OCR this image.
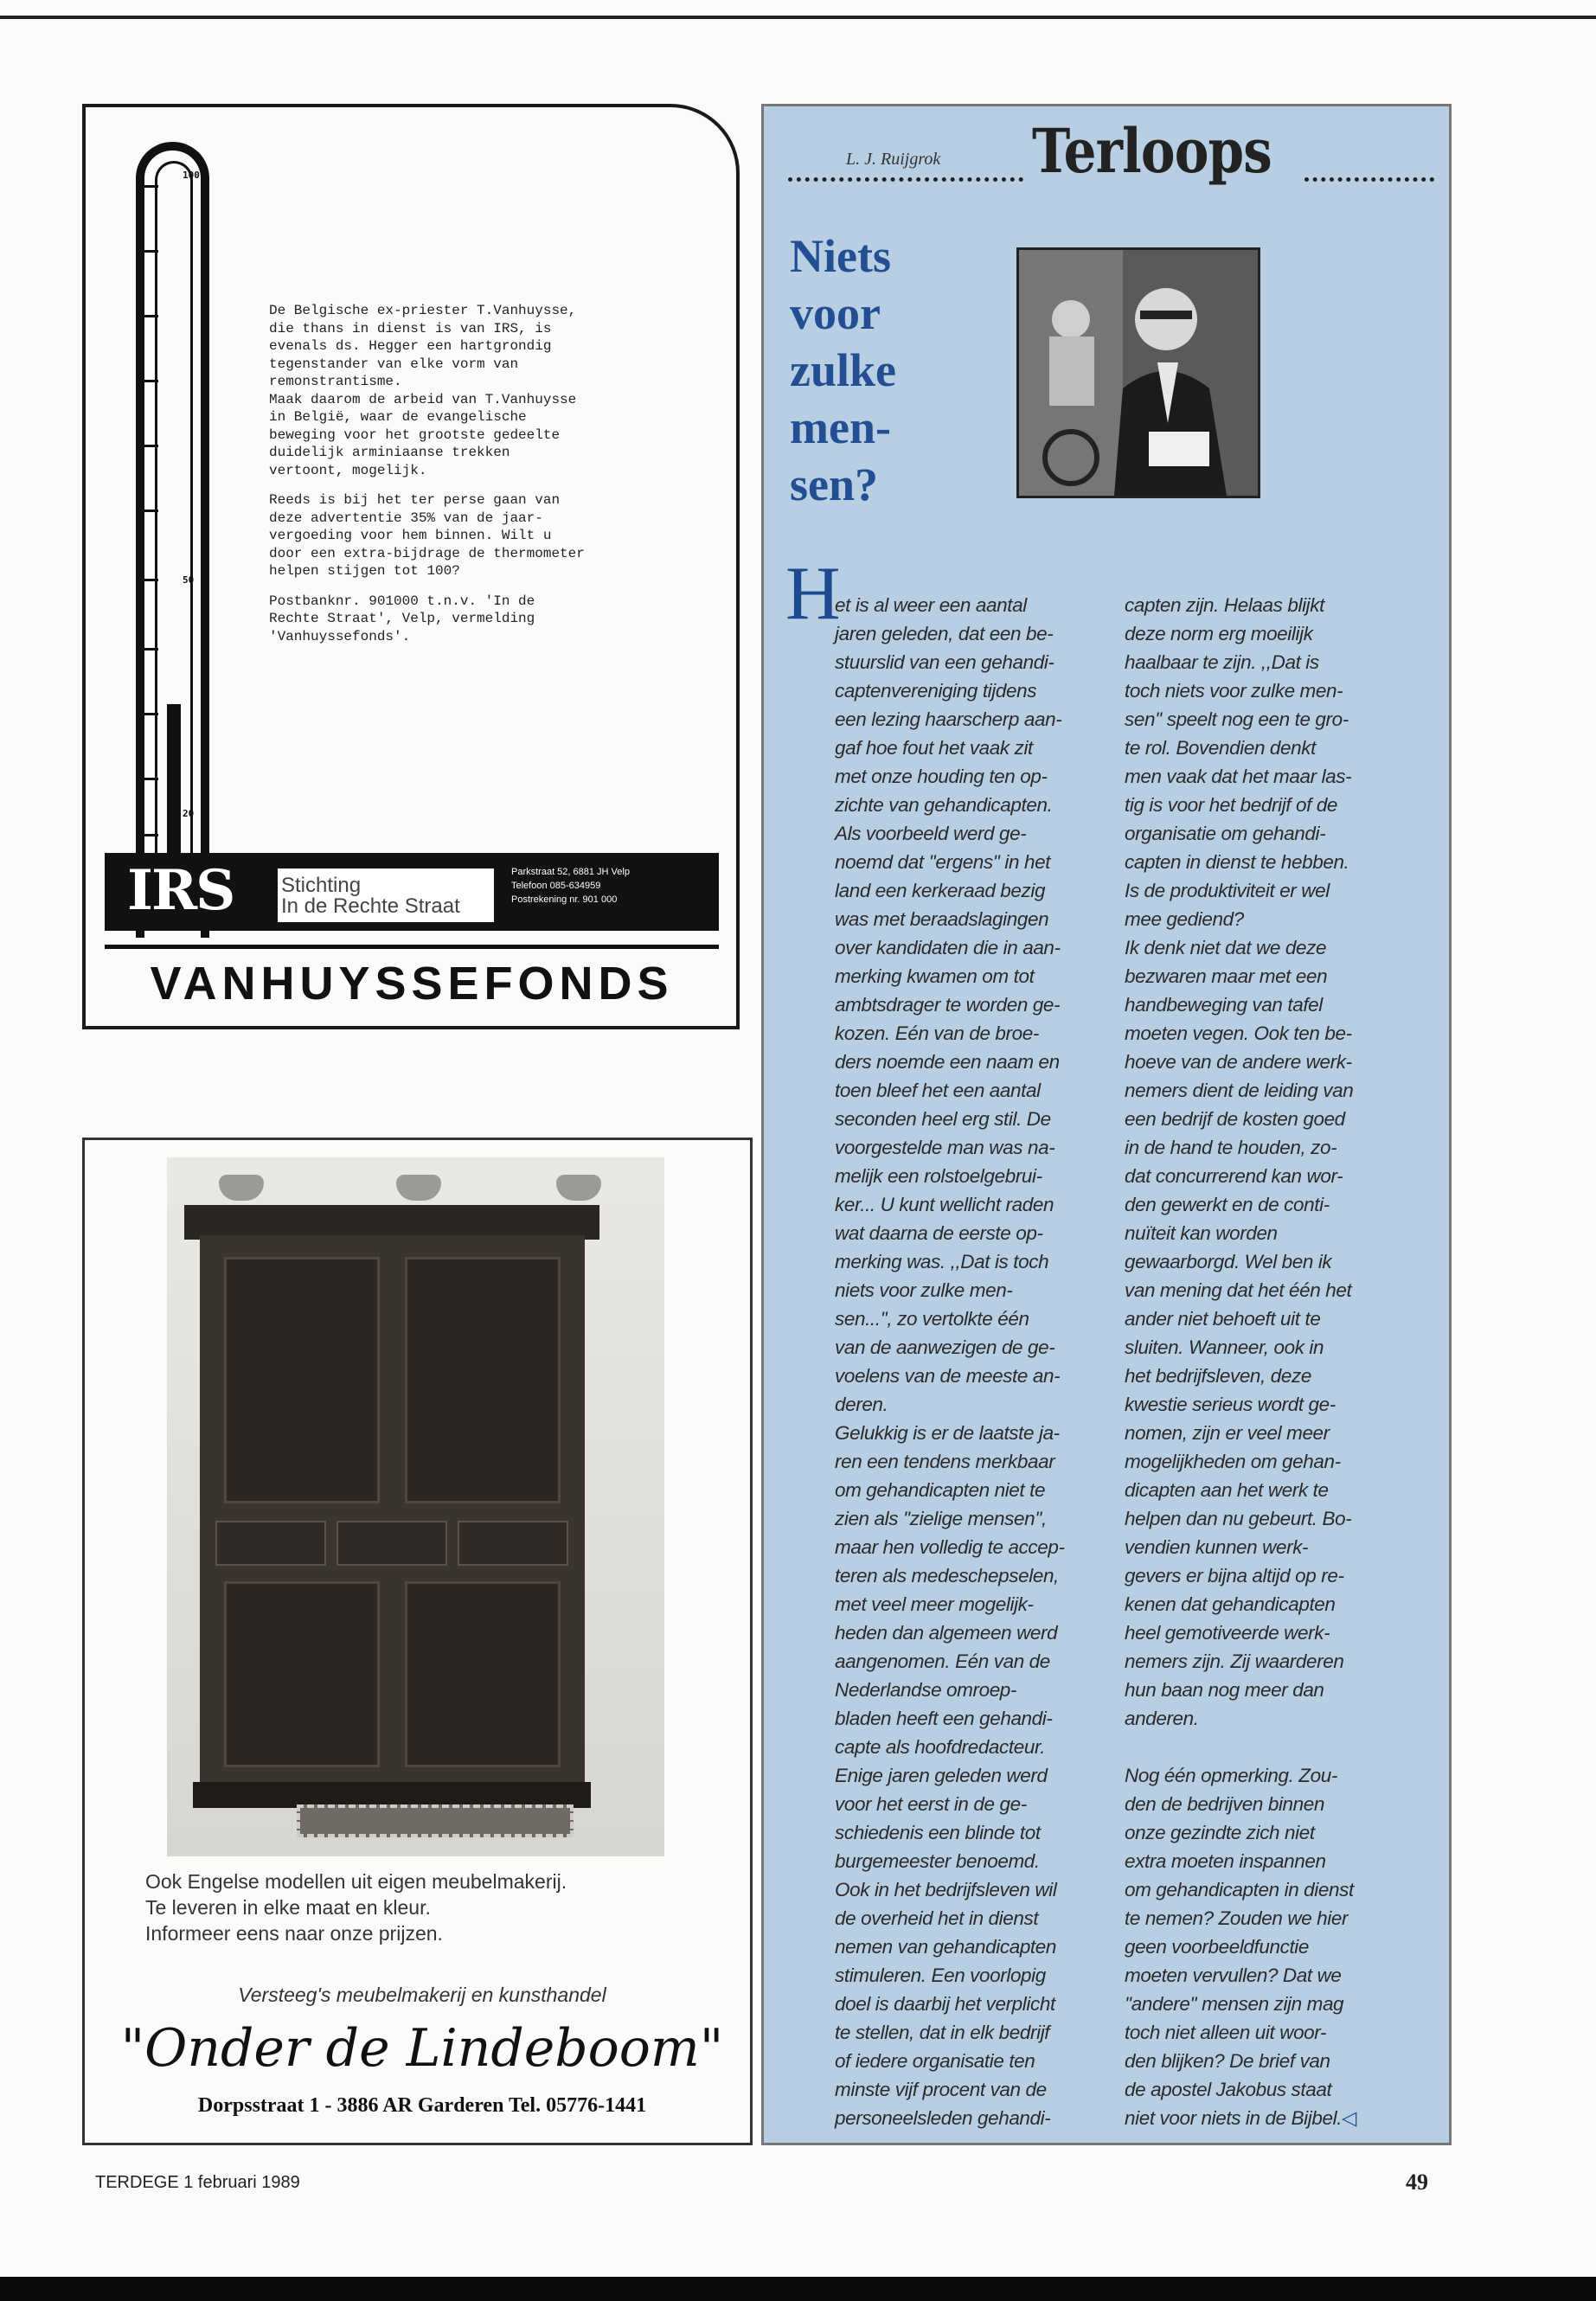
100
50
20

De Belgische ex-priester T.Vanhuysse,
die thans in dienst is van IRS, is
evenals ds. Hegger een hartgrondig
tegenstander van elke vorm van
remonstrantisme.
Maak daarom de arbeid van T.Vanhuysse
in België, waar de evangelische
beweging voor het grootste gedeelte
duidelijk arminiaanse trekken
vertoont, mogelijk.

Reeds is bij het ter perse gaan van
deze advertentie 35% van de jaar-
vergoeding voor hem binnen. Wilt u
door een extra-bijdrage de thermometer
helpen stijgen tot 100?

Postbanknr. 901000 t.n.v. 'In de
Rechte Straat', Velp, vermelding
'Vanhuyssefonds'.

IRS Stichting
In de Rechte Straat
Parkstraat 52, 6881 JH Velp
Telefoon 085-634959
Postrekening nr. 901 000
VANHUYSSEFONDS
Ook Engelse modellen uit eigen meubelmakerij.
Te leveren in elke maat en kleur.
Informeer eens naar onze prijzen.
Versteeg's meubelmakerij en kunsthandel
"Onder de Lindeboom"
Dorpsstraat 1 - 3886 AR Garderen Tel. 05776-1441
L. J. Ruijgrok Terloops
Niets
voor
zulke
men-
sen?
H
et is al weer een aantal
jaren geleden, dat een be-
stuurslid van een gehandi-
captenvereniging tijdens
een lezing haarscherp aan-
gaf hoe fout het vaak zit
met onze houding ten op-
zichte van gehandicapten.
Als voorbeeld werd ge-
noemd dat ''ergens'' in het
land een kerkeraad bezig
was met beraadslagingen
over kandidaten die in aan-
merking kwamen om tot
ambtsdrager te worden ge-
kozen. Eén van de broe-
ders noemde een naam en
toen bleef het een aantal
seconden heel erg stil. De
voorgestelde man was na-
melijk een rolstoelgebrui-
ker... U kunt wellicht raden
wat daarna de eerste op-
merking was. ,,Dat is toch
niets voor zulke men-
sen...'', zo vertolkte één
van de aanwezigen de ge-
voelens van de meeste an-
deren.
Gelukkig is er de laatste ja-
ren een tendens merkbaar
om gehandicapten niet te
zien als ''zielige mensen'',
maar hen volledig te accep-
teren als medeschepselen,
met veel meer mogelijk-
heden dan algemeen werd
aangenomen. Eén van de
Nederlandse omroep-
bladen heeft een gehandi-
capte als hoofdredacteur.
Enige jaren geleden werd
voor het eerst in de ge-
schiedenis een blinde tot
burgemeester benoemd.
Ook in het bedrijfsleven wil
de overheid het in dienst
nemen van gehandicapten
stimuleren. Een voorlopig
doel is daarbij het verplicht
te stellen, dat in elk bedrijf
of iedere organisatie ten
minste vijf procent van de
personeelsleden gehandi-
capten zijn. Helaas blijkt
deze norm erg moeilijk
haalbaar te zijn. ,,Dat is
toch niets voor zulke men-
sen'' speelt nog een te gro-
te rol. Bovendien denkt
men vaak dat het maar las-
tig is voor het bedrijf of de
organisatie om gehandi-
capten in dienst te hebben.
Is de produktiviteit er wel
mee gediend?
Ik denk niet dat we deze
bezwaren maar met een
handbeweging van tafel
moeten vegen. Ook ten be-
hoeve van de andere werk-
nemers dient de leiding van
een bedrijf de kosten goed
in de hand te houden, zo-
dat concurrerend kan wor-
den gewerkt en de conti-
nuïteit kan worden
gewaarborgd. Wel ben ik
van mening dat het één het
ander niet behoeft uit te
sluiten. Wanneer, ook in
het bedrijfsleven, deze
kwestie serieus wordt ge-
nomen, zijn er veel meer
mogelijkheden om gehan-
dicapten aan het werk te
helpen dan nu gebeurt. Bo-
vendien kunnen werk-
gevers er bijna altijd op re-
kenen dat gehandicapten
heel gemotiveerde werk-
nemers zijn. Zij waarderen
hun baan nog meer dan
anderen.
Nog één opmerking. Zou-
den de bedrijven binnen
onze gezindte zich niet
extra moeten inspannen
om gehandicapten in dienst
te nemen? Zouden we hier
geen voorbeeldfunctie
moeten vervullen? Dat we
''andere'' mensen zijn mag
toch niet alleen uit woor-
den blijken? De brief van
de apostel Jakobus staat
niet voor niets in de Bijbel.◁
TERDEGE 1 februari 1989	49
